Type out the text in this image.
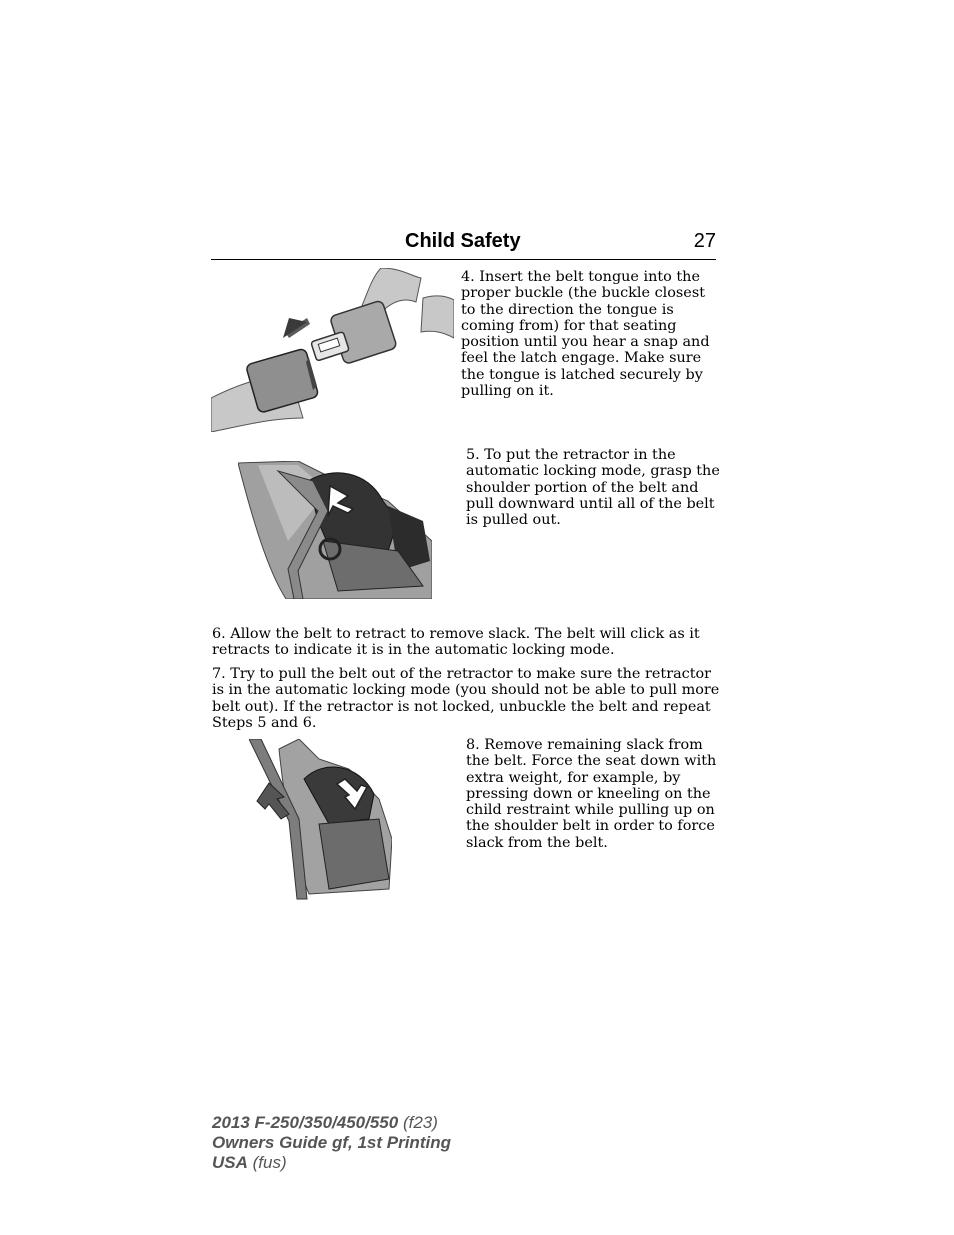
Child Safety	27

4. Insert the belt tongue into the proper buckle (the buckle closest to the direction the tongue is coming from) for that seating position until you hear a snap and feel the latch engage. Make sure the tongue is latched securely by pulling on it.

5. To put the retractor in the automatic locking mode, grasp the shoulder portion of the belt and pull downward until all of the belt is pulled out.

6. Allow the belt to retract to remove slack. The belt will click as it retracts to indicate it is in the automatic locking mode.

7. Try to pull the belt out of the retractor to make sure the retractor is in the automatic locking mode (you should not be able to pull more belt out). If the retractor is not locked, unbuckle the belt and repeat Steps 5 and 6.

8. Remove remaining slack from the belt. Force the seat down with extra weight, for example, by pressing down or kneeling on the child restraint while pulling up on the shoulder belt in order to force slack from the belt.

2013 F-250/350/450/550 (f23)
Owners Guide gf, 1st Printing
USA (fus)
